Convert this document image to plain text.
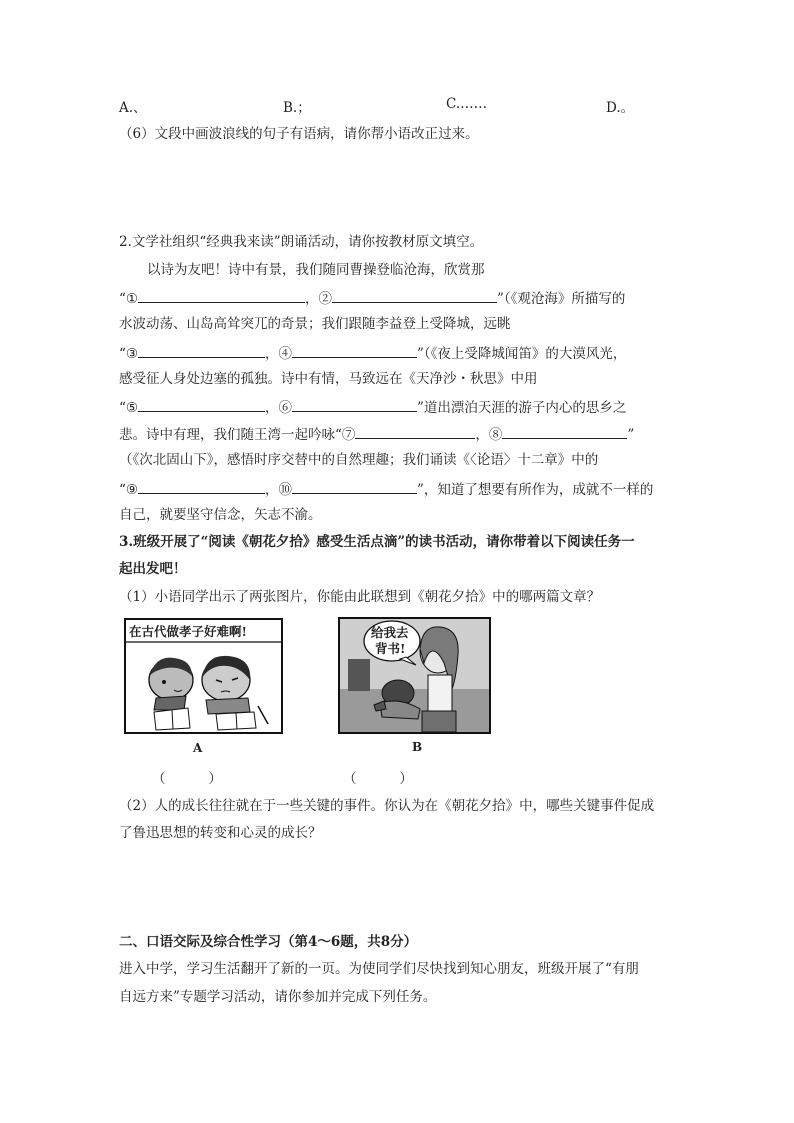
A.、	B.；	C.……	D.。
（6）文段中画波浪线的句子有语病，请你帮小语改正过来。
2.文学社组织“经典我来读”朗诵活动，请你按教材原文填空。
以诗为友吧！诗中有景，我们随同曹操登临沧海，欣赏那
“①	，②	”（《观沧海》所描写的
水波动荡、山岛高耸突兀的奇景；我们跟随李益登上受降城，远眺
“③	，④	”（《夜上受降城闻笛》的大漠风光，
感受征人身处边塞的孤独。诗中有情，马致远在《天净沙・秋思》中用
“⑤	，⑥	”道出漂泊天涯的游子内心的思乡之
悲。诗中有理，我们随王湾一起吟咏“⑦	，⑧	”
（《次北固山下》，感悟时序交替中的自然理趣；我们诵读《〈论语〉十二章》中的
“⑨	，⑩	”，知道了想要有所作为，成就不一样的
自己，就要坚守信念，矢志不渝。
3.班级开展了“阅读《朝花夕拾》感受生活点滴”的读书活动，请你带着以下阅读任务一
起出发吧！
（1）小语同学出示了两张图片，你能由此联想到《朝花夕拾》中的哪两篇文章？
在古代做孝子好难啊!	给我去
背书!
A	B
（          ）	（          ）
（2）人的成长往往就在于一些关键的事件。你认为在《朝花夕拾》中，哪些关键事件促成
了鲁迅思想的转变和心灵的成长？
二、口语交际及综合性学习（第4～6题，共8分）
进入中学，学习生活翻开了新的一页。为使同学们尽快找到知心朋友，班级开展了“有朋
自远方来”专题学习活动，请你参加并完成下列任务。
